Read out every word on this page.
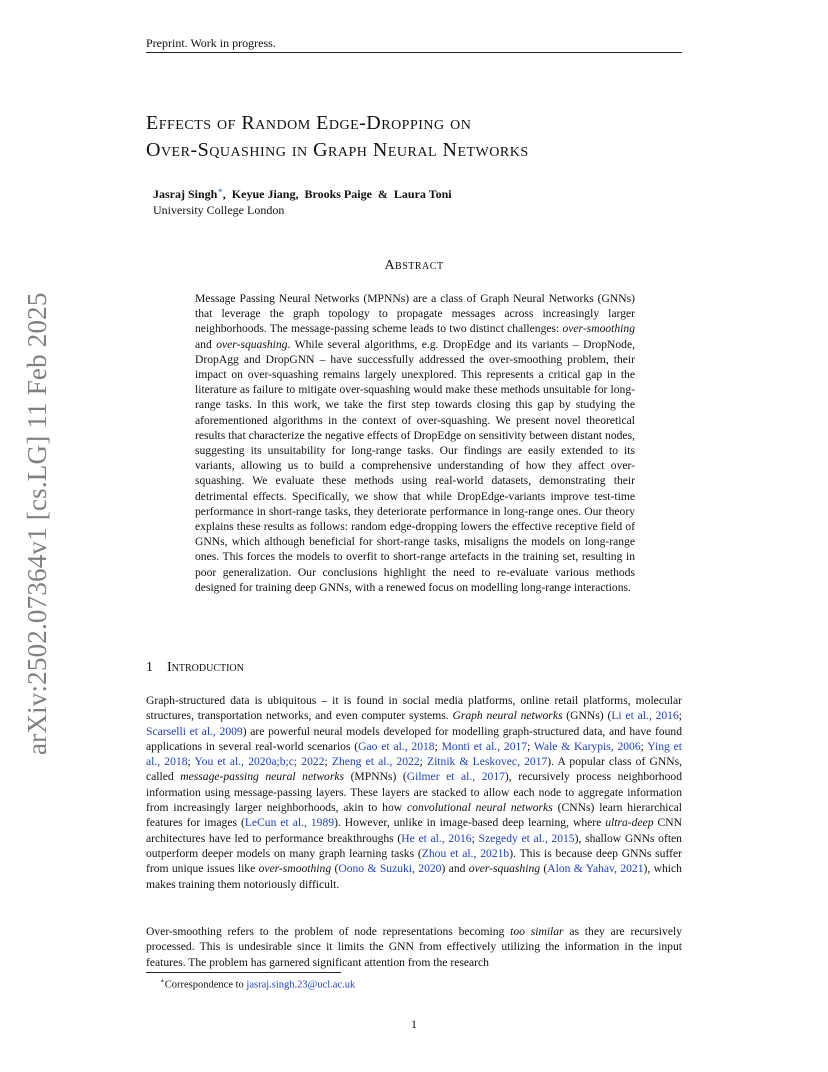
Preprint. Work in progress.
arXiv:2502.07364v1 [cs.LG] 11 Feb 2025
Effects of Random Edge-Dropping on
Over-Squashing in Graph Neural Networks
Jasraj Singh∗,  Keyue Jiang,  Brooks Paige & Laura Toni
University College London
Abstract
Message Passing Neural Networks (MPNNs) are a class of Graph Neural Networks (GNNs) that leverage the graph topology to propagate messages across increasingly larger neighborhoods. The message-passing scheme leads to two distinct challenges: over-smoothing and over-squashing. While several algorithms, e.g. DropEdge and its variants – DropNode, DropAgg and DropGNN – have successfully addressed the over-smoothing problem, their impact on over-squashing remains largely unexplored. This represents a critical gap in the literature as failure to mitigate over-squashing would make these methods unsuitable for long-range tasks. In this work, we take the first step towards closing this gap by studying the aforementioned algorithms in the context of over-squashing. We present novel theoretical results that characterize the negative effects of DropEdge on sensitivity between distant nodes, suggesting its unsuitability for long-range tasks. Our findings are easily extended to its variants, allowing us to build a comprehensive understanding of how they affect over-squashing. We evaluate these methods using real-world datasets, demonstrating their detrimental effects. Specifically, we show that while DropEdge-variants improve test-time performance in short-range tasks, they deteriorate performance in long-range ones. Our theory explains these results as follows: random edge-dropping lowers the effective receptive field of GNNs, which although beneficial for short-range tasks, misaligns the models on long-range ones. This forces the models to overfit to short-range artefacts in the training set, resulting in poor generalization. Our conclusions highlight the need to re-evaluate various methods designed for training deep GNNs, with a renewed focus on modelling long-range interactions.
1 Introduction
Graph-structured data is ubiquitous – it is found in social media platforms, online retail platforms, molecular structures, transportation networks, and even computer systems. Graph neural networks (GNNs) (Li et al., 2016; Scarselli et al., 2009) are powerful neural models developed for modelling graph-structured data, and have found applications in several real-world scenarios (Gao et al., 2018; Monti et al., 2017; Wale & Karypis, 2006; Ying et al., 2018; You et al., 2020a;b;c; 2022; Zheng et al., 2022; Zitnik & Leskovec, 2017). A popular class of GNNs, called message-passing neural networks (MPNNs) (Gilmer et al., 2017), recursively process neighborhood information using message-passing layers. These layers are stacked to allow each node to aggregate information from increasingly larger neighborhoods, akin to how convolutional neural networks (CNNs) learn hierarchical features for images (LeCun et al., 1989). However, unlike in image-based deep learning, where ultra-deep CNN architectures have led to performance breakthroughs (He et al., 2016; Szegedy et al., 2015), shallow GNNs often outperform deeper models on many graph learning tasks (Zhou et al., 2021b). This is because deep GNNs suffer from unique issues like over-smoothing (Oono & Suzuki, 2020) and over-squashing (Alon & Yahav, 2021), which makes training them notoriously difficult.
Over-smoothing refers to the problem of node representations becoming too similar as they are recursively processed. This is undesirable since it limits the GNN from effectively utilizing the information in the input features. The problem has garnered significant attention from the research
∗Correspondence to jasraj.singh.23@ucl.ac.uk
1
